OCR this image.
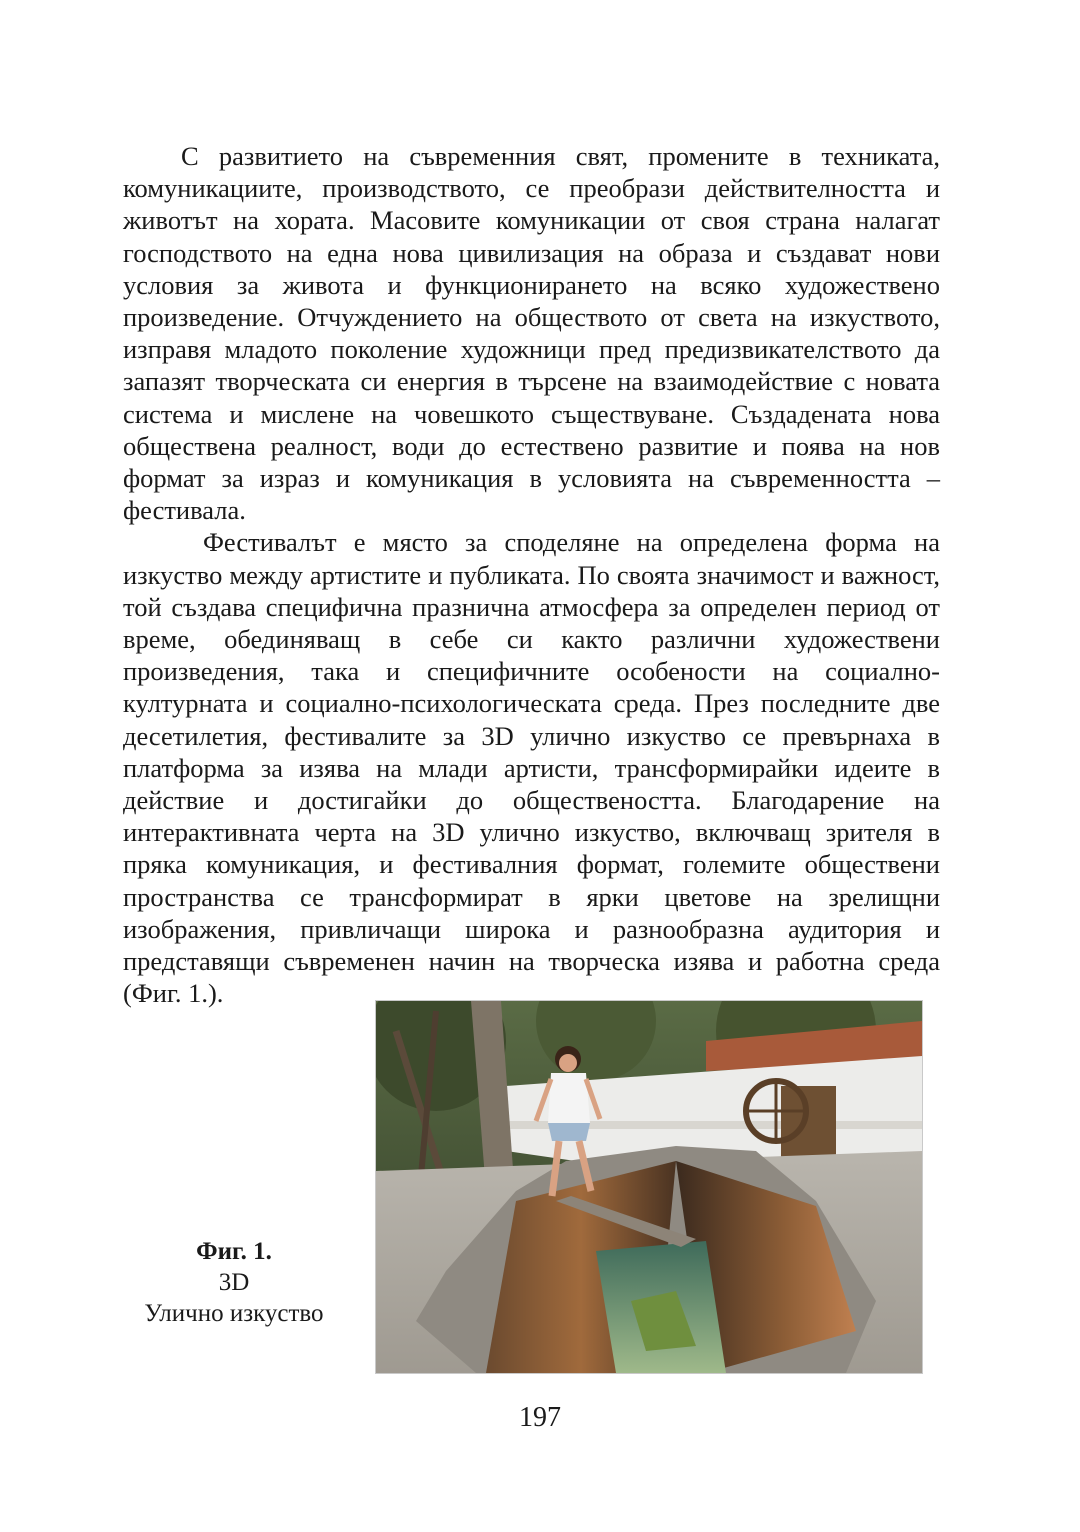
С развитието на съвременния свят, промените в техниката, комуникациите, производството, се преобрази действителността и животът на хората. Масовите комуникации от своя страна налагат господството на една нова цивилизация на образа и създават нови условия за живота и функционирането на всяко художествено произведение. Отчуждението на обществото от света на изкуството, изправя младото поколение художници пред предизвикателството да запазят творческата си енергия в търсене на взаимодействие с новата система и мислене на човешкото съществуване. Създадената нова обществена реалност, води до естествено развитие и поява на нов формат за израз и комуникация в условията на съвременността – фестивала.

Фестивалът е място за споделяне на определена форма на изкуство между артистите и публиката. По своята значимост и важност, той създава специфична празнична атмосфера за определен период от време, обединяващ в себе си както различни художествени произведения, така и специфичните особености на социално-културната и социално-психологическата среда. През последните две десетилетия, фестивалите за 3D улично изкуство се превърнаха в платформа за изява на млади артисти, трансформирайки идеите в действие и достигайки до обществеността. Благодарение на интерактивната черта на 3D улично изкуство, включващ зрителя в пряка комуникация, и фестивалния формат, големите обществени пространства се трансформират в ярки цветове на зрелищни изображения, привличащи широка и разнообразна аудитория и представящи съвременен начин на творческа изява и работна среда (Фиг. 1.).

Фиг. 1.
3D
Улично изкуство
197
